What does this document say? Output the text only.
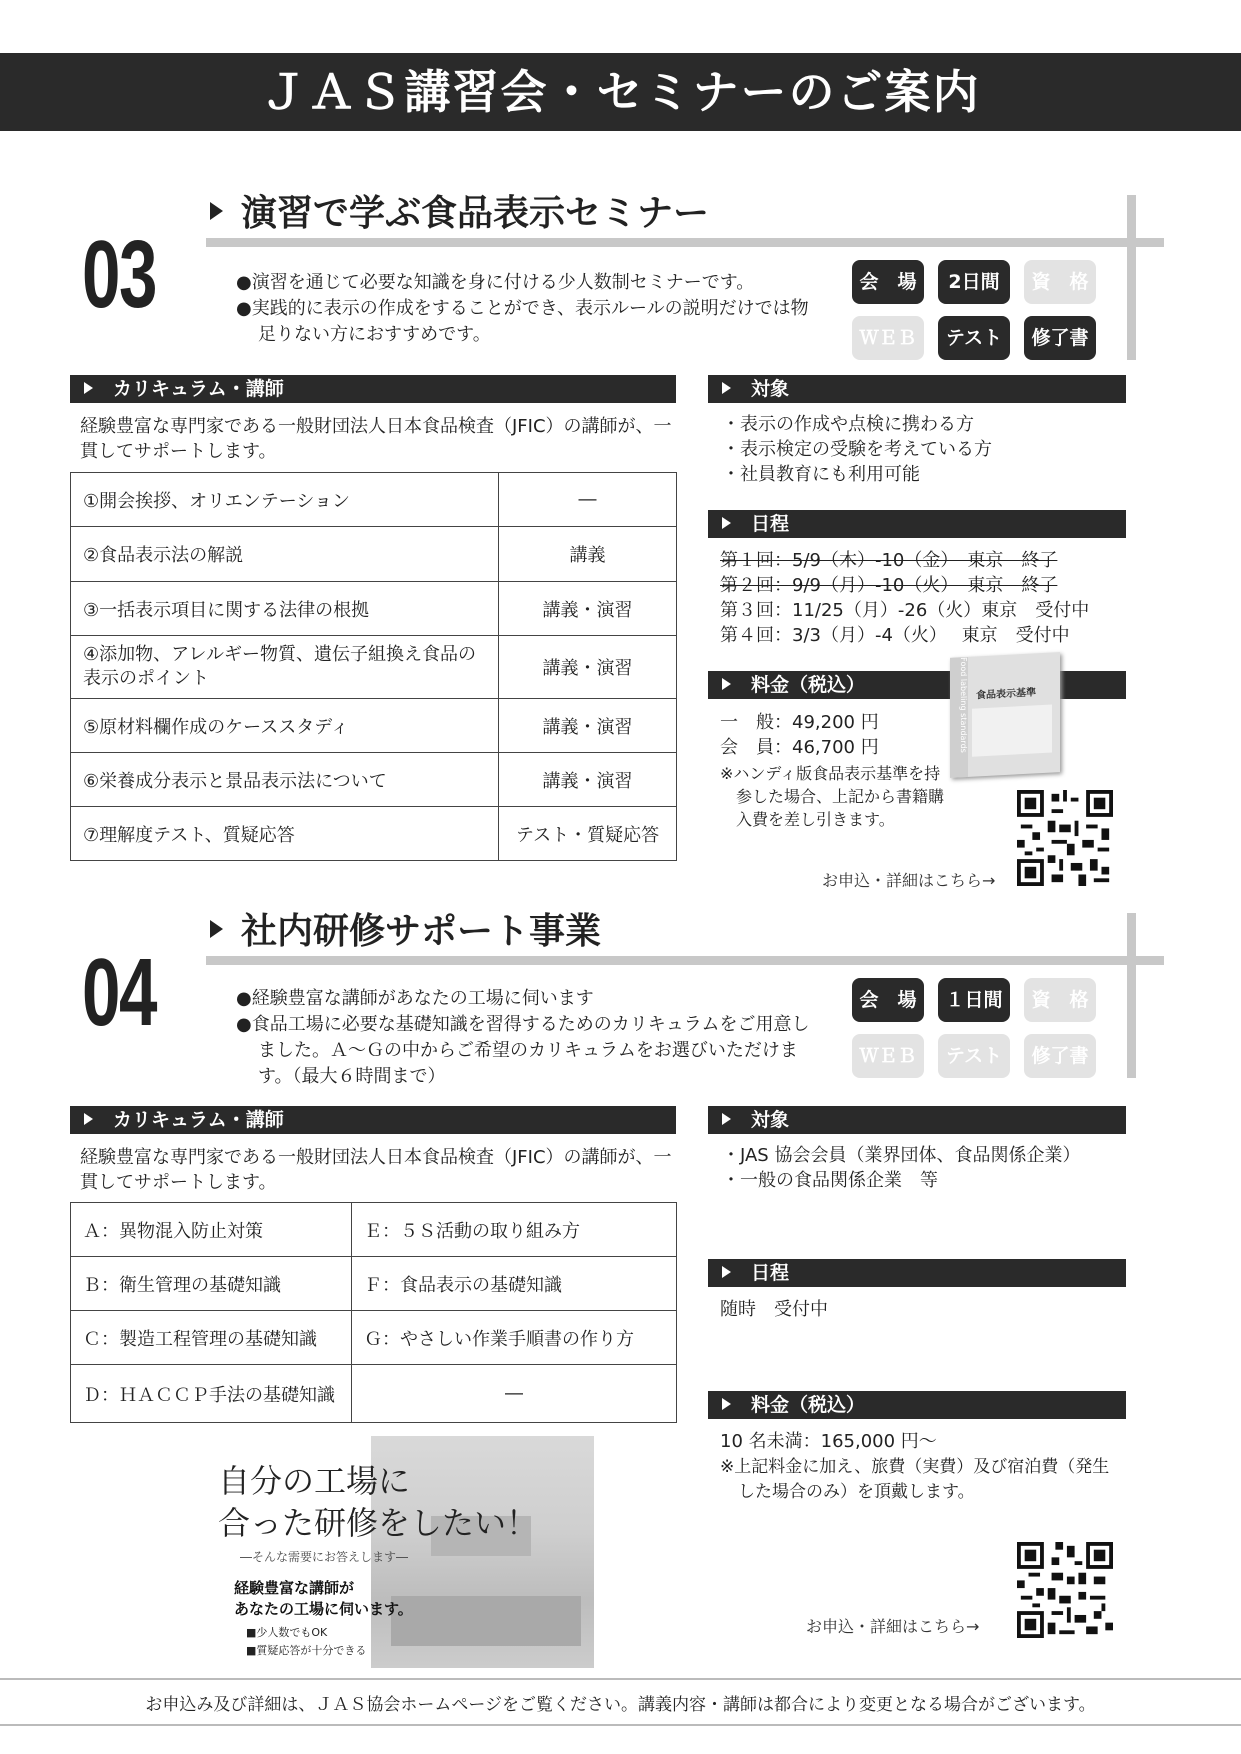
ＪＡＳ講習会・セミナーのご案内
03
演習で学ぶ食品表示セミナー

●演習を通じて必要な知識を身に付ける少人数制セミナーです。

●実践的に表示の作成をすることができ、表示ルールの説明だけでは物足りない方におすすめです。

会　場	2日間	資　格
ＷＥＢ	テスト	修了書
カリキュラム・講師
経験豊富な専門家である一般財団法人日本食品検査（JFIC）の講師が、一貫してサポートします。
①開会挨拶、オリエンテーション	―
②食品表示法の解説	講義
③一括表示項目に関する法律の根拠	講義・演習
④添加物、アレルギー物質、遺伝子組換え食品の表示のポイント	講義・演習
⑤原材料欄作成のケーススタディ	講義・演習
⑥栄養成分表示と景品表示法について	講義・演習
⑦理解度テスト、質疑応答	テスト・質疑応答
対象
・表示の作成や点検に携わる方
・表示検定の受験を考えている方
・社員教育にも利用可能
日程
第１回：5/9（木）-10（金）　東京　終了
第２回：9/9（月）-10（火）　東京　終了
第３回：11/25（月）-26（火）東京　受付中
第４回：3/3（月）-4（火）　 東京　受付中
料金（税込）
一　般：49,200 円
会　員：46,700 円
※ハンディ版食品表示基準を持参した場合、上記から書籍購入費を差し引きます。
Food labeling standards 食品表示基準
お申込・詳細はこちら→
04
社内研修サポート事業

●経験豊富な講師があなたの工場に伺います

●食品工場に必要な基礎知識を習得するためのカリキュラムをご用意しました。Ａ～Ｇの中からご希望のカリキュラムをお選びいただけます。（最大６時間まで）

会　場	１日間	資　格
ＷＥＢ	テスト	修了書
カリキュラム・講師
経験豊富な専門家である一般財団法人日本食品検査（JFIC）の講師が、一貫してサポートします。
Ａ：異物混入防止対策	Ｅ：５Ｓ活動の取り組み方
Ｂ：衛生管理の基礎知識	Ｆ：食品表示の基礎知識
Ｃ：製造工程管理の基礎知識	Ｇ：やさしい作業手順書の作り方
Ｄ：ＨＡＣＣＰ手法の基礎知識	―
自分の工場に
合った研修をしたい！
―そんな需要にお答えします―
経験豊富な講師が
あなたの工場に伺います。
■少人数でもOK
■質疑応答が十分できる
対象
・JAS 協会会員（業界団体、食品関係企業）
・一般の食品関係企業　等
日程
随時　受付中
料金（税込）
10 名未満：165,000 円～
※上記料金に加え、旅費（実費）及び宿泊費（発生した場合のみ）を頂戴します。
お申込・詳細はこちら→
お申込み及び詳細は、ＪＡＳ協会ホームページをご覧ください。講義内容・講師は都合により変更となる場合がございます。
